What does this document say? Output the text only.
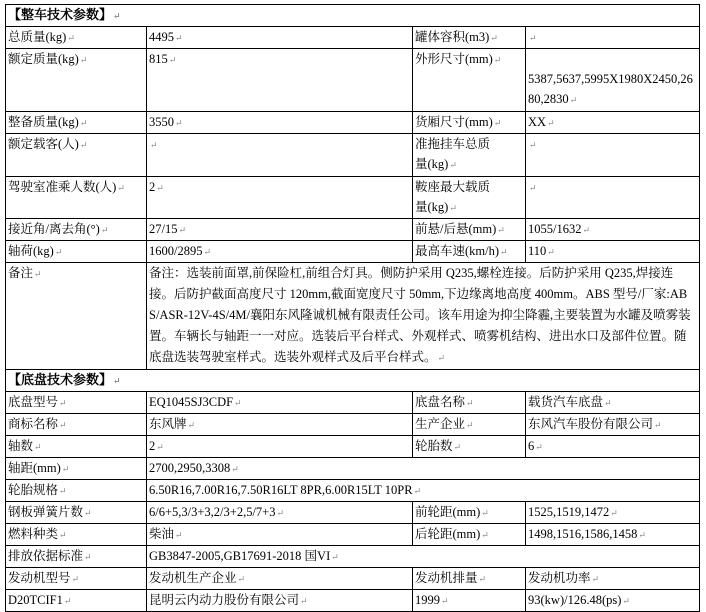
【整车技术参数】 ↵
总质量(kg) ↵	4495 ↵	罐体容积(m3) ↵	↵
额定质量(kg) ↵	815 ↵	外形尺寸(mm) ↵	5387,5637,5995X1980X2450,2680,2830 ↵
整备质量(kg) ↵	3550 ↵	货厢尺寸(mm) ↵	XX ↵
额定载客(人) ↵	↵	准拖挂车总质量(kg) ↵	↵
驾驶室准乘人数(人) ↵	2 ↵	鞍座最大载质量(kg) ↵	↵
接近角/离去角(°) ↵	27/15 ↵	前悬/后悬(mm) ↵	1055/1632 ↵
轴荷(kg) ↵	1600/2895 ↵	最高车速(km/h) ↵	110 ↵
备注 ↵	备注：选装前面罩,前保险杠,前组合灯具。侧防护采用 Q235,螺栓连接。后防护采用 Q235,焊接连接。后防护截面高度尺寸 120mm,截面宽度尺寸 50mm,下边缘离地高度 400mm。ABS 型号/厂家:ABS/ASR-12V-4S/4M/襄阳东风隆诚机械有限责任公司。该车用途为抑尘降霾,主要装置为水罐及喷雾装置。车辆长与轴距一一对应。选装后平台样式、外观样式、喷雾机结构、进出水口及部件位置。随底盘选装驾驶室样式。选装外观样式及后平台样式。 ↵
【底盘技术参数】 ↵
底盘型号 ↵	EQ1045SJ3CDF ↵	底盘名称 ↵	载货汽车底盘 ↵
商标名称 ↵	东风牌 ↵	生产企业 ↵	东风汽车股份有限公司 ↵
轴数 ↵	2 ↵	轮胎数 ↵	6 ↵
轴距(mm) ↵	2700,2950,3308 ↵
轮胎规格 ↵	6.50R16,7.00R16,7.50R16LT 8PR,6.00R15LT 10PR ↵
钢板弹簧片数 ↵	6/6+5,3/3+3,2/3+2,5/7+3 ↵	前轮距(mm) ↵	1525,1519,1472 ↵
燃料种类 ↵	柴油 ↵	后轮距(mm) ↵	1498,1516,1586,1458 ↵
排放依据标准 ↵	GB3847-2005,GB17691-2018 国VI ↵
发动机型号 ↵	发动机生产企业 ↵	发动机排量 ↵	发动机功率 ↵
D20TCIF1 ↵	昆明云内动力股份有限公司 ↵	1999 ↵	93(kw)/126.48(ps) ↵
